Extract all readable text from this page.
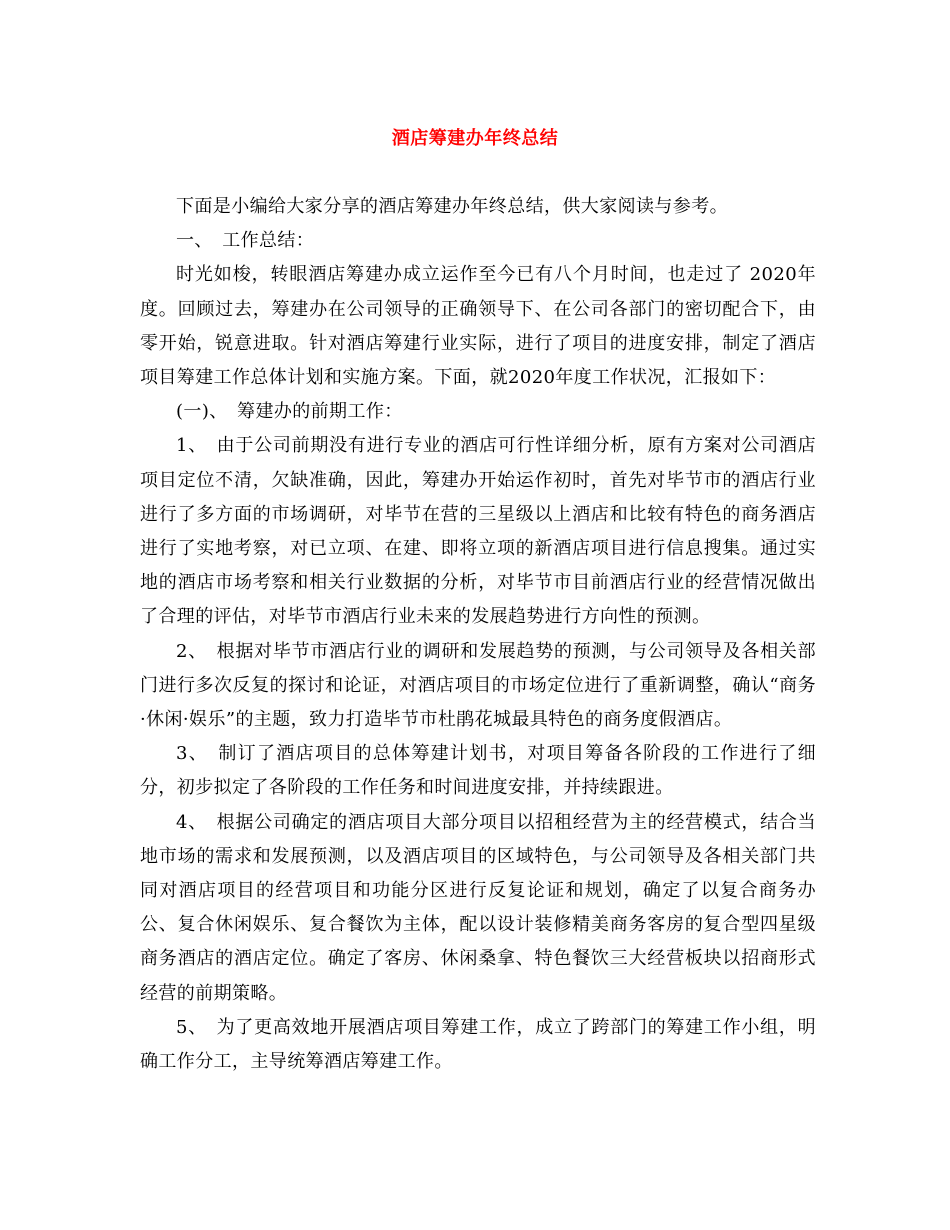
酒店筹建办年终总结

下面是小编给大家分享的酒店筹建办年终总结，供大家阅读与参考。

一、　工作总结：

时光如梭，转眼酒店筹建办成立运作至今已有八个月时间，也走过了 2020年度。回顾过去，筹建办在公司领导的正确领导下、在公司各部门的密切配合下，由零开始，锐意进取。针对酒店筹建行业实际，进行了项目的进度安排，制定了酒店项目筹建工作总体计划和实施方案。下面，就2020年度工作状况，汇报如下：

(一)、　筹建办的前期工作：

1、　由于公司前期没有进行专业的酒店可行性详细分析，原有方案对公司酒店项目定位不清，欠缺准确，因此，筹建办开始运作初时，首先对毕节市的酒店行业进行了多方面的市场调研，对毕节在营的三星级以上酒店和比较有特色的商务酒店进行了实地考察，对已立项、在建、即将立项的新酒店项目进行信息搜集。通过实地的酒店市场考察和相关行业数据的分析，对毕节市目前酒店行业的经营情况做出了合理的评估，对毕节市酒店行业未来的发展趋势进行方向性的预测。

2、　根据对毕节市酒店行业的调研和发展趋势的预测，与公司领导及各相关部门进行多次反复的探讨和论证，对酒店项目的市场定位进行了重新调整，确认“商务·休闲·娱乐”的主题，致力打造毕节市杜鹃花城最具特色的商务度假酒店。

3、　制订了酒店项目的总体筹建计划书，对项目筹备各阶段的工作进行了细分，初步拟定了各阶段的工作任务和时间进度安排，并持续跟进。

4、　根据公司确定的酒店项目大部分项目以招租经营为主的经营模式，结合当地市场的需求和发展预测，以及酒店项目的区域特色，与公司领导及各相关部门共同对酒店项目的经营项目和功能分区进行反复论证和规划，确定了以复合商务办公、复合休闲娱乐、复合餐饮为主体，配以设计装修精美商务客房的复合型四星级商务酒店的酒店定位。确定了客房、休闲桑拿、特色餐饮三大经营板块以招商形式经营的前期策略。

5、　为了更高效地开展酒店项目筹建工作，成立了跨部门的筹建工作小组，明确工作分工，主导统筹酒店筹建工作。
